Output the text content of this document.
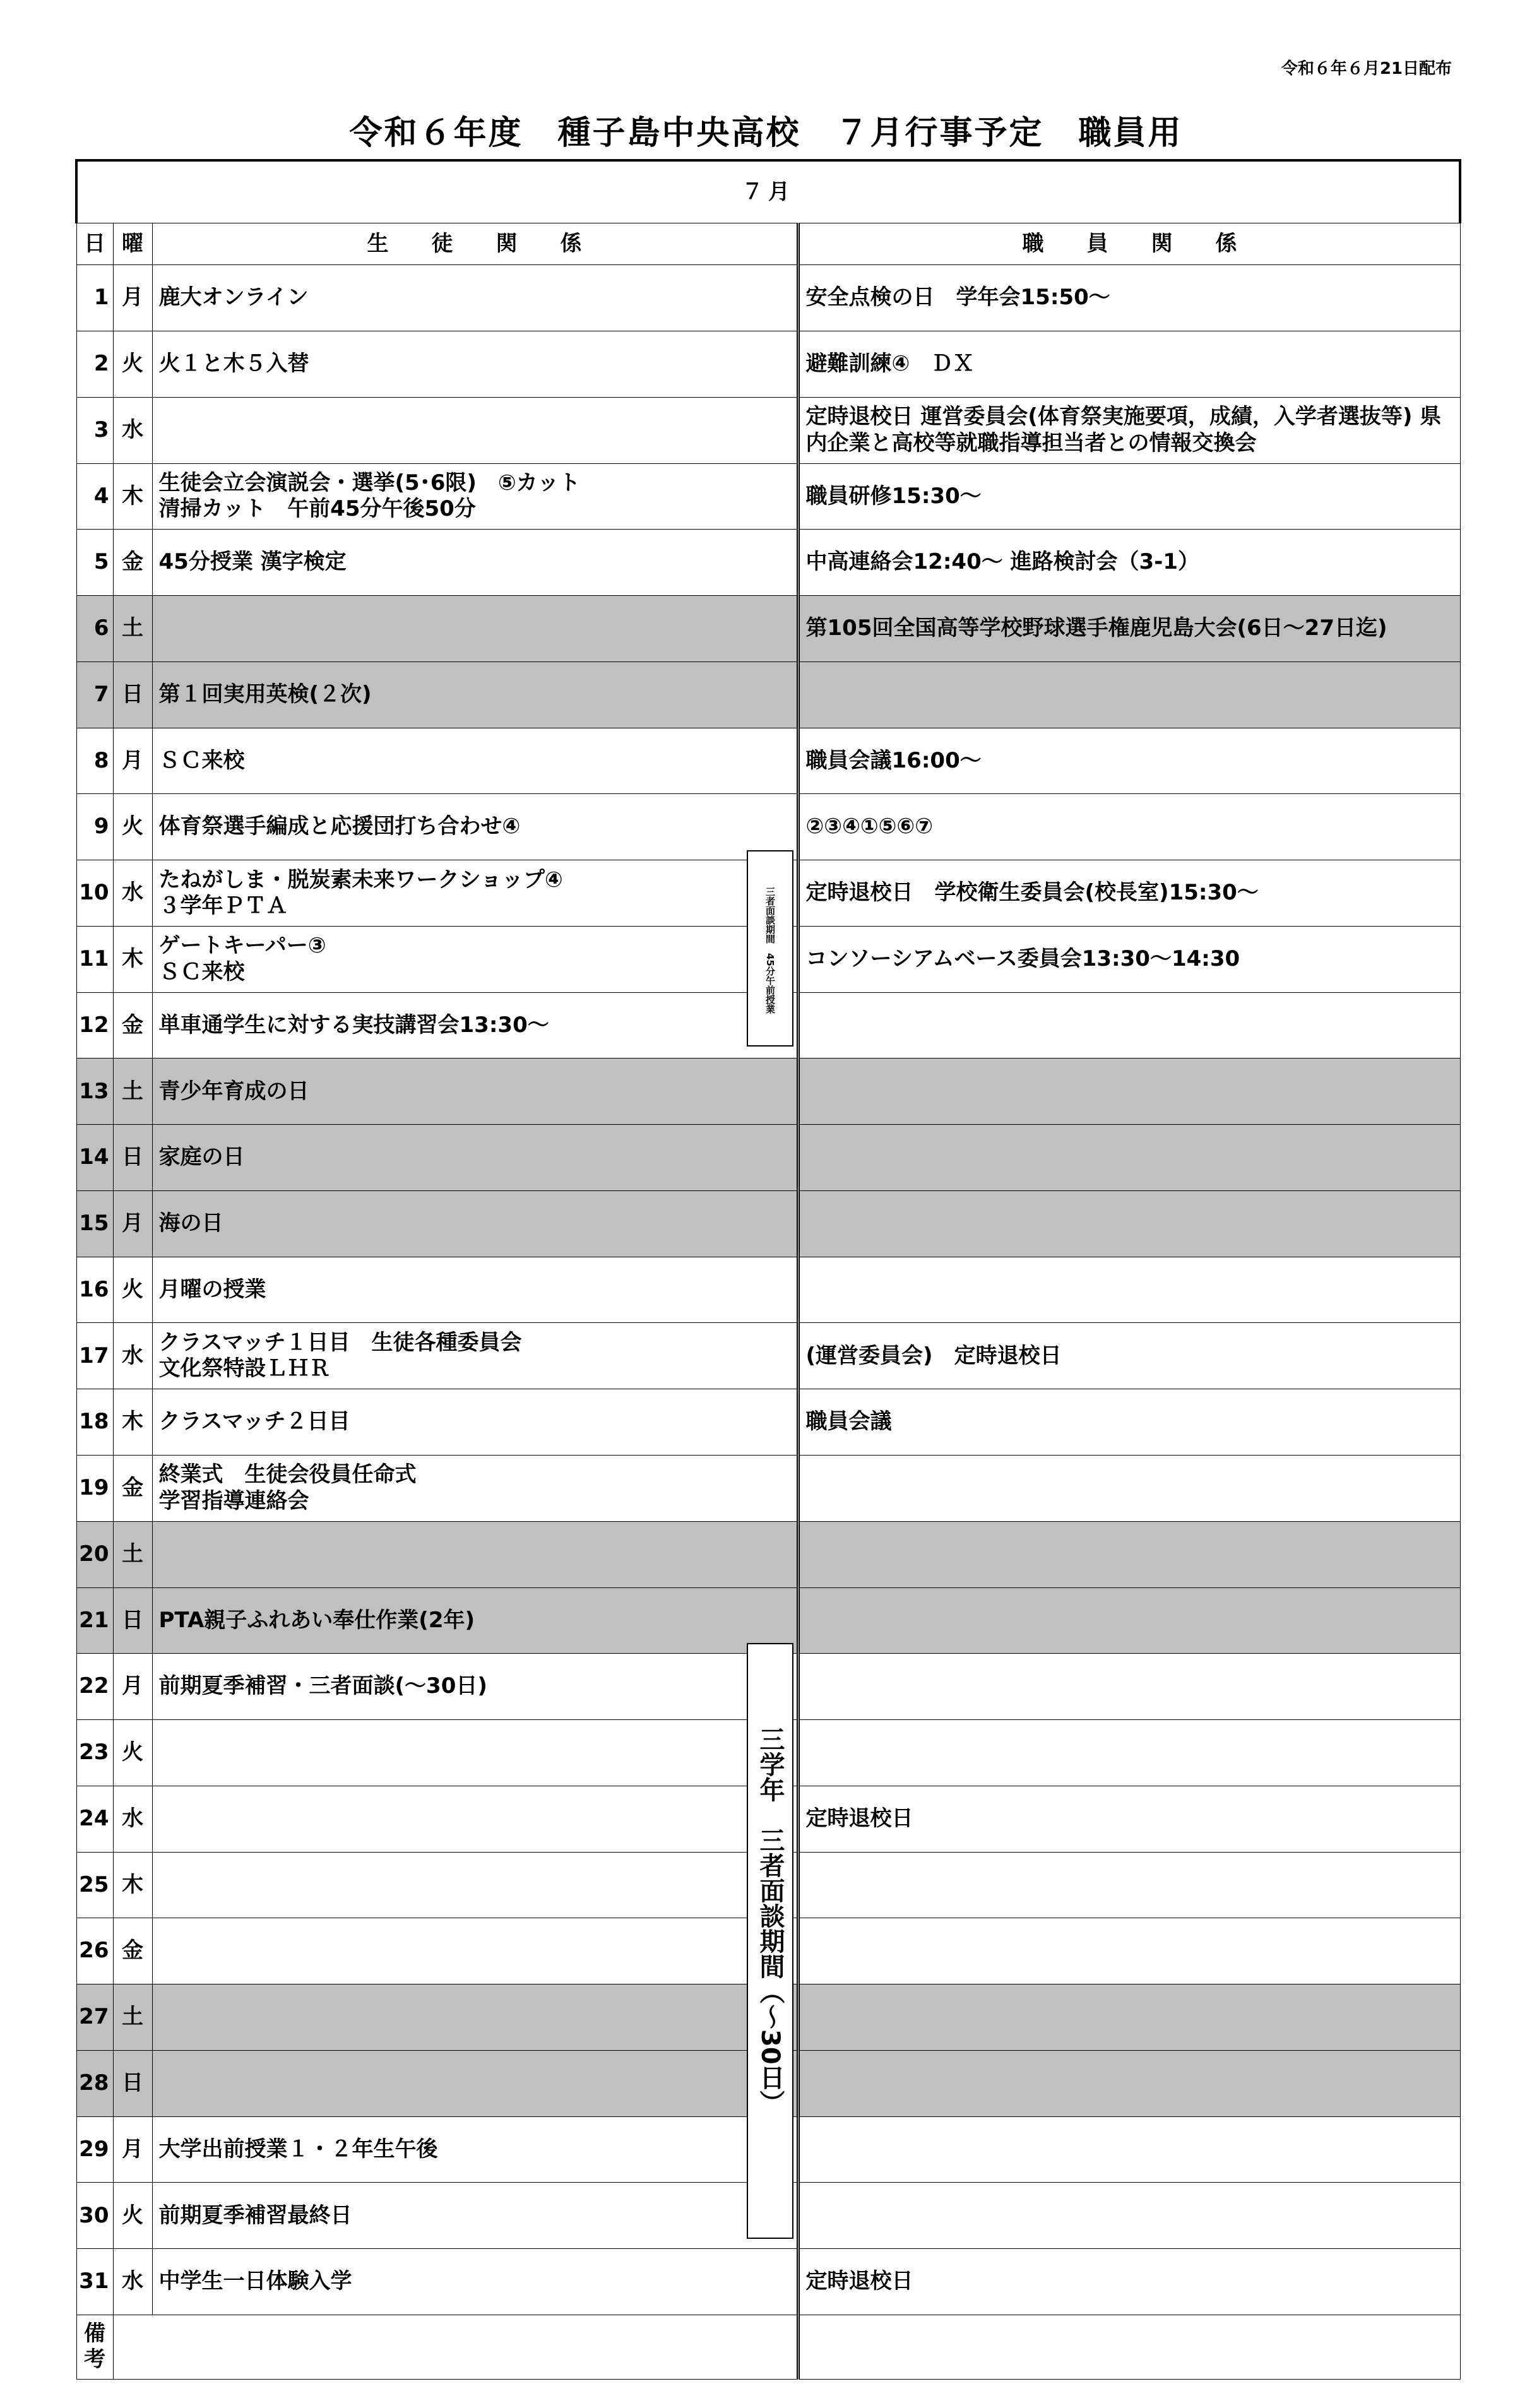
令和６年６月21日配布
令和６年度　種子島中央高校　７月行事予定　職員用
７月			
日	曜	生　　徒　　関　　係	職　　員　　関　　係
1	月	鹿大オンライン	安全点検の日　学年会15:50～
2	火	火１と木５入替	避難訓練④　ＤＸ
3	水		定時退校日 運営委員会(体育祭実施要項，成績，入学者選抜等) 県内企業と高校等就職指導担当者との情報交換会
4	木	生徒会立会演説会・選挙(5･6限)　⑤カット
清掃カット　午前45分午後50分	職員研修15:30～
5	金	45分授業 漢字検定	中高連絡会12:40～ 進路検討会（3-1）
6	土		第105回全国高等学校野球選手権鹿児島大会(6日～27日迄)
7	日	第１回実用英検(２次)	
8	月	ＳＣ来校	職員会議16:00～
9	火	体育祭選手編成と応援団打ち合わせ④	②③④①⑤⑥⑦
10	水	たねがしま・脱炭素未来ワークショップ④
３学年ＰＴＡ	定時退校日　学校衛生委員会(校長室)15:30～
11	木	ゲートキーパー③
ＳＣ来校	コンソーシアムベース委員会13:30～14:30
12	金	単車通学生に対する実技講習会13:30～	
13	土	青少年育成の日	
14	日	家庭の日	
15	月	海の日	
16	火	月曜の授業	
17	水	クラスマッチ１日目　生徒各種委員会
文化祭特設ＬＨＲ	(運営委員会)　定時退校日
18	木	クラスマッチ２日目	職員会議
19	金	終業式　生徒会役員任命式
学習指導連絡会	
20	土		
21	日	PTA親子ふれあい奉仕作業(2年)	
22	月	前期夏季補習・三者面談(～30日)	
23	火		
24	水		定時退校日
25	木		
26	金		
27	土		
28	日		
29	月	大学出前授業１・２年生午後	
30	火	前期夏季補習最終日	
31	水	中学生一日体験入学	定時退校日
備
考			
三者面談期間　45分午前授業
三学年　三者面談期間（～30日）
